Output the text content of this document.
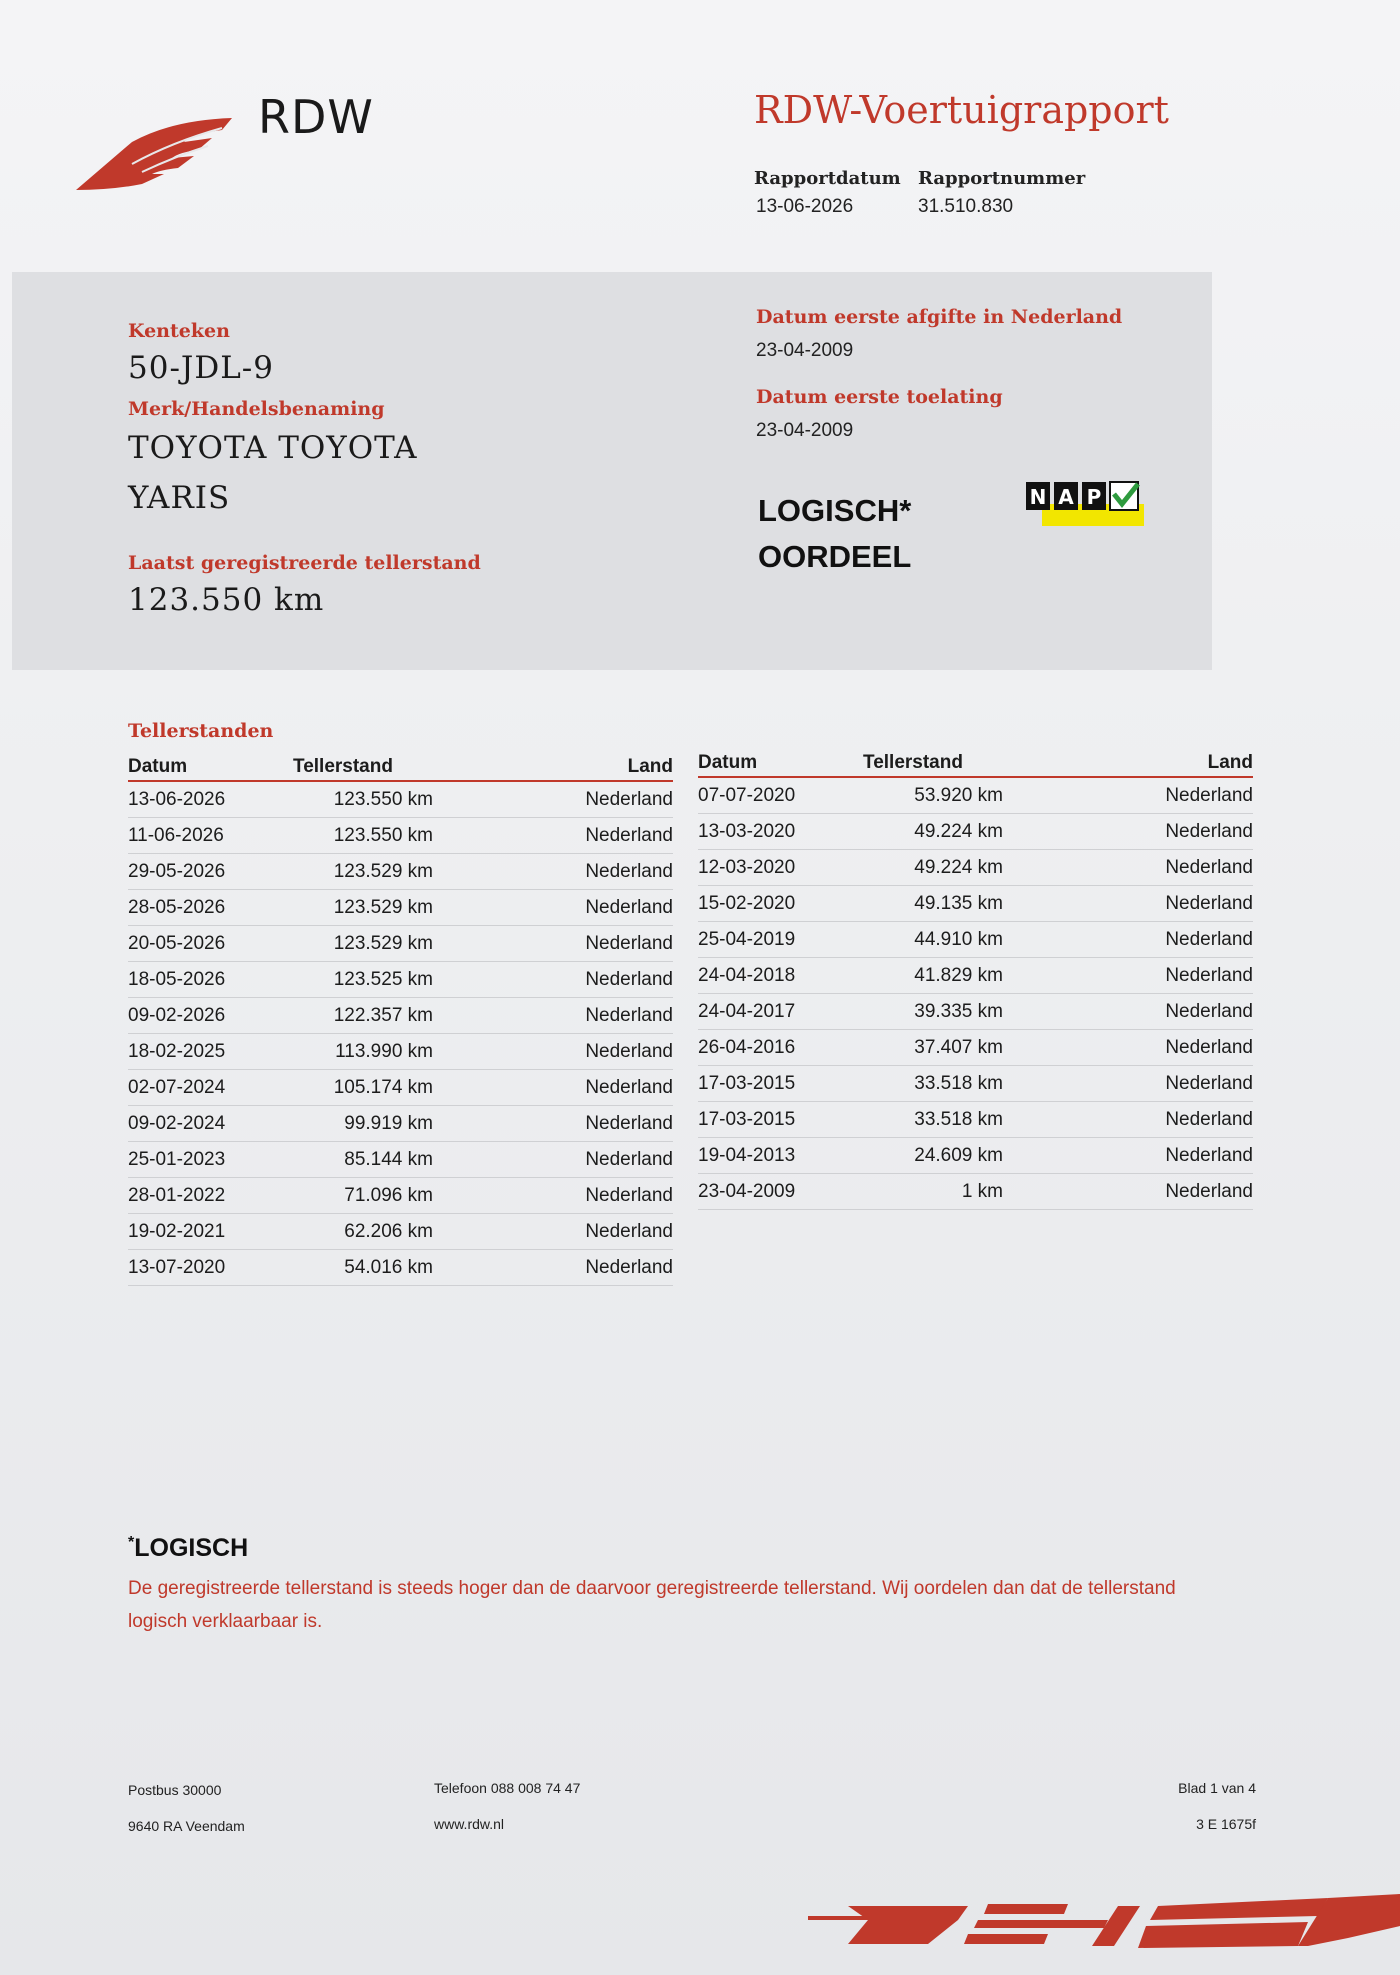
RDW	RDW-Voertuigrapport
Rapportdatum
13-06-2026
Rapportnummer
31.510.830
Kenteken
50-JDL-9
Merk/Handelsbenaming
TOYOTA TOYOTA
YARIS
Laatst geregistreerde tellerstand
123.550 km
Datum eerste afgifte in Nederland
23-04-2009
Datum eerste toelating
23-04-2009
LOGISCH*
OORDEEL
N A P
Tellerstanden
Datum	Tellerstand	Land
13-06-2026	123.550 km	Nederland
11-06-2026	123.550 km	Nederland
29-05-2026	123.529 km	Nederland
28-05-2026	123.529 km	Nederland
20-05-2026	123.529 km	Nederland
18-05-2026	123.525 km	Nederland
09-02-2026	122.357 km	Nederland
18-02-2025	113.990 km	Nederland
02-07-2024	105.174 km	Nederland
09-02-2024	99.919 km	Nederland
25-01-2023	85.144 km	Nederland
28-01-2022	71.096 km	Nederland
19-02-2021	62.206 km	Nederland
13-07-2020	54.016 km	Nederland
Datum	Tellerstand	Land
07-07-2020	53.920 km	Nederland
13-03-2020	49.224 km	Nederland
12-03-2020	49.224 km	Nederland
15-02-2020	49.135 km	Nederland
25-04-2019	44.910 km	Nederland
24-04-2018	41.829 km	Nederland
24-04-2017	39.335 km	Nederland
26-04-2016	37.407 km	Nederland
17-03-2015	33.518 km	Nederland
17-03-2015	33.518 km	Nederland
19-04-2013	24.609 km	Nederland
23-04-2009	1 km	Nederland
*LOGISCH
De geregistreerde tellerstand is steeds hoger dan de daarvoor geregistreerde tellerstand. Wij oordelen dan dat de tellerstand logisch verklaarbaar is.
Postbus 30000
9640 RA Veendam
Telefoon 088 008 74 47
www.rdw.nl
Blad 1 van 4
3 E 1675f
